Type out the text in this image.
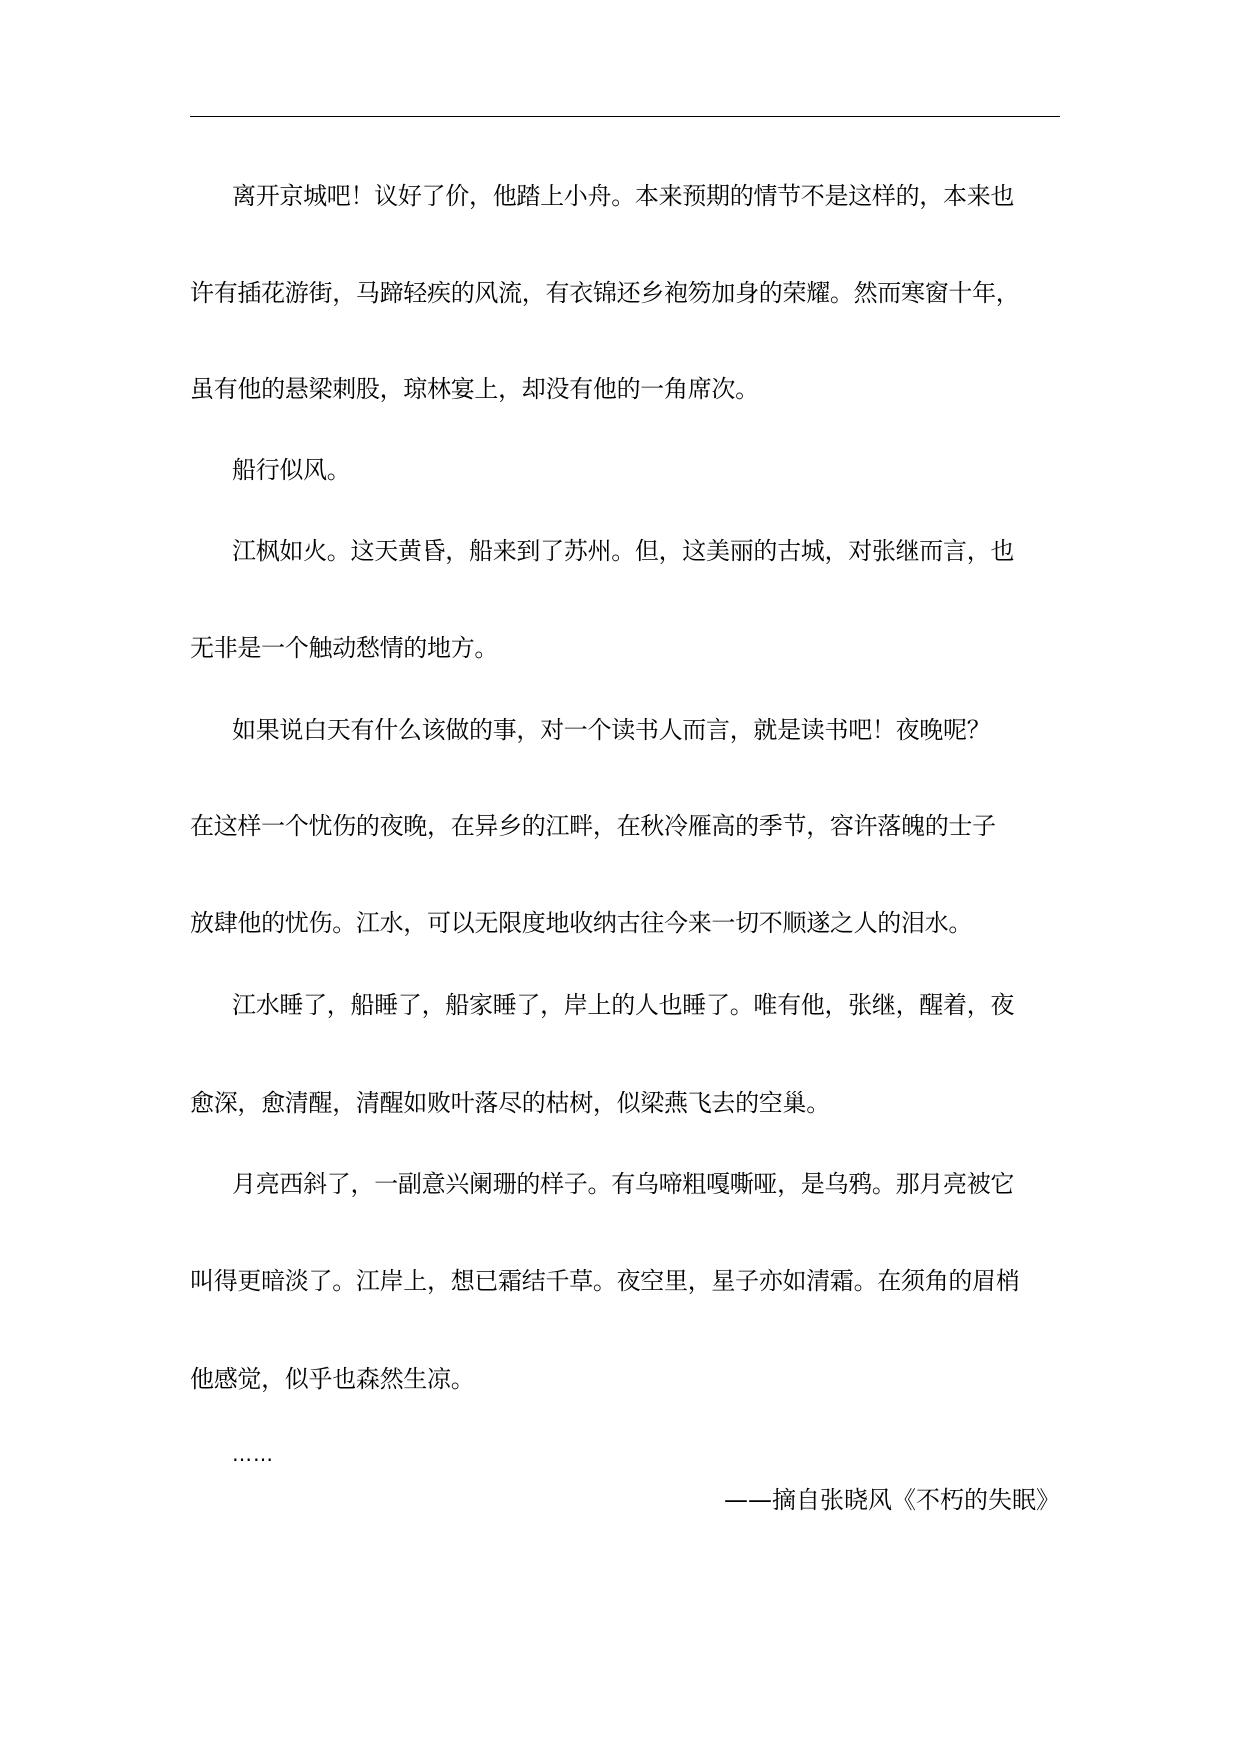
离开京城吧！议好了价，他踏上小舟。本来预期的情节不是这样的，本来也
许有插花游街，马蹄轻疾的风流，有衣锦还乡袍笏加身的荣耀。然而寒窗十年，
虽有他的悬梁刺股，琼林宴上，却没有他的一角席次。
船行似风。
江枫如火。这天黄昏，船来到了苏州。但，这美丽的古城，对张继而言，也
无非是一个触动愁情的地方。
如果说白天有什么该做的事，对一个读书人而言，就是读书吧！夜晚呢？
在这样一个忧伤的夜晚，在异乡的江畔，在秋冷雁高的季节，容许落魄的士子
放肆他的忧伤。江水，可以无限度地收纳古往今来一切不顺遂之人的泪水。
江水睡了，船睡了，船家睡了，岸上的人也睡了。唯有他，张继，醒着，夜
愈深，愈清醒，清醒如败叶落尽的枯树，似梁燕飞去的空巢。
月亮西斜了，一副意兴阑珊的样子。有乌啼粗嘎嘶哑，是乌鸦。那月亮被它
叫得更暗淡了。江岸上，想已霜结千草。夜空里，星子亦如清霜。在须角的眉梢
他感觉，似乎也森然生凉。
……
——摘自张晓风《不朽的失眠》
